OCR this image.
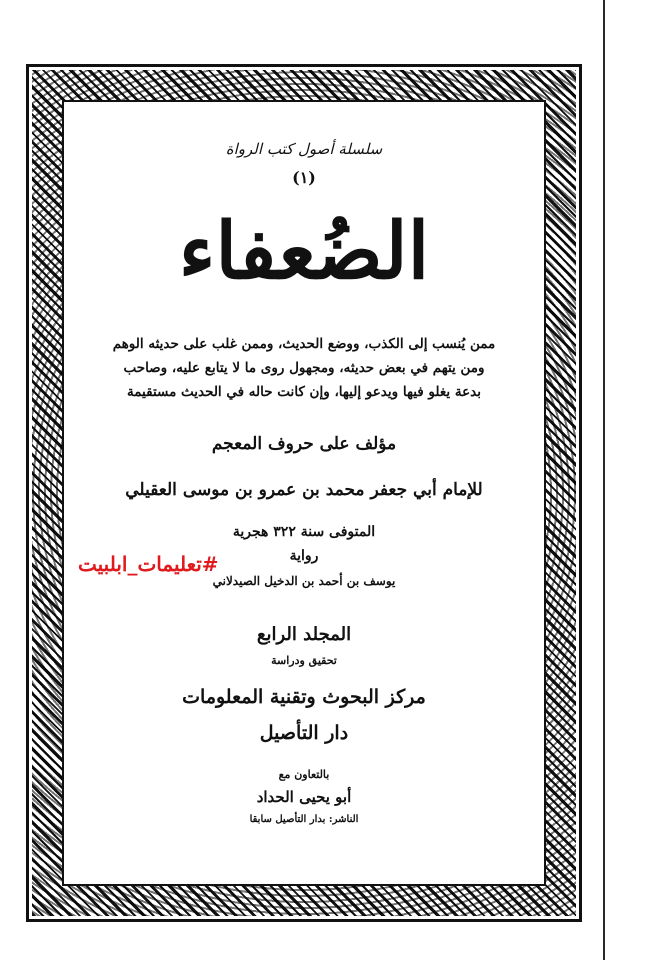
سلسلة أصول كتب الرواة
(١)
الضُعفاء
ممن يُنسب إلى الكذب، ووضع الحديث، وممن غلب على حديثه الوهم
ومن يتهم في بعض حديثه، ومجهول روى ما لا يتابع عليه، وصاحب
بدعة يغلو فيها ويدعو إليها، وإن كانت حاله في الحديث مستقيمة
مؤلف على حروف المعجم
للإمام أبي جعفر محمد بن عمرو بن موسى العقيلي
المتوفى سنة ٣٢٢ هجرية
رواية
يوسف بن أحمد بن الدخيل الصيدلاني
المجلد الرابع
تحقيق ودراسة
مركز البحوث وتقنية المعلومات
دار التأصيل
بالتعاون مع
أبو يحيى الحداد
الناشر: بدار التأصيل سابقا
#تعليمات_ابلبيت
